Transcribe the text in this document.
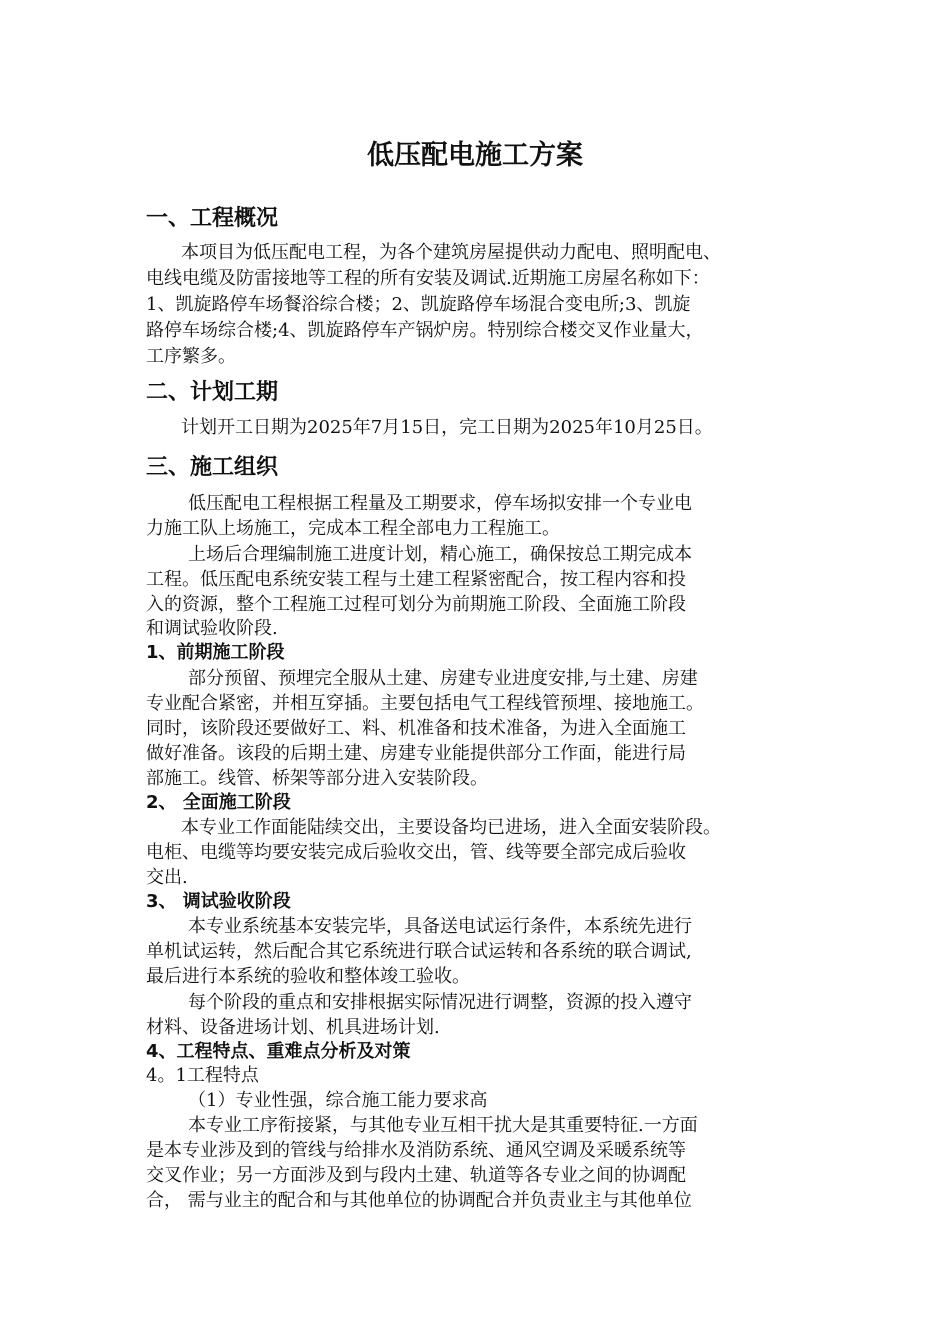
低压配电施工方案
一、工程概况
本项目为低压配电工程，为各个建筑房屋提供动力配电、照明配电、
电线电缆及防雷接地等工程的所有安装及调试.近期施工房屋名称如下：
1、凯旋路停车场餐浴综合楼；2、凯旋路停车场混合变电所;3、凯旋
路停车场综合楼;4、凯旋路停车产锅炉房。特别综合楼交叉作业量大，
工序繁多。
二、计划工期
计划开工日期为2025年7月15日，完工日期为2025年10月25日。
三、施工组织
低压配电工程根据工程量及工期要求，停车场拟安排一个专业电
力施工队上场施工，完成本工程全部电力工程施工。
上场后合理编制施工进度计划，精心施工，确保按总工期完成本
工程。低压配电系统安装工程与土建工程紧密配合，按工程内容和投
入的资源，整个工程施工过程可划分为前期施工阶段、全面施工阶段
和调试验收阶段.
1、前期施工阶段
部分预留、预埋完全服从土建、房建专业进度安排,与土建、房建
专业配合紧密，并相互穿插。主要包括电气工程线管预埋、接地施工。
同时，该阶段还要做好工、料、机准备和技术准备，为进入全面施工
做好准备。该段的后期土建、房建专业能提供部分工作面，能进行局
部施工。线管、桥架等部分进入安装阶段。
2、 全面施工阶段
本专业工作面能陆续交出，主要设备均已进场，进入全面安装阶段。
电柜、电缆等均要安装完成后验收交出，管、线等要全部完成后验收
交出.
3、 调试验收阶段
本专业系统基本安装完毕，具备送电试运行条件，本系统先进行
单机试运转，然后配合其它系统进行联合试运转和各系统的联合调试,
最后进行本系统的验收和整体竣工验收。
每个阶段的重点和安排根据实际情况进行调整，资源的投入遵守
材料、设备进场计划、机具进场计划.
4、工程特点、重难点分析及对策
4。1工程特点
（1）专业性强，综合施工能力要求高
本专业工序衔接紧，与其他专业互相干扰大是其重要特征.一方面
是本专业涉及到的管线与给排水及消防系统、通风空调及采暖系统等
交叉作业；另一方面涉及到与段内土建、轨道等各专业之间的协调配
合， 需与业主的配合和与其他单位的协调配合并负责业主与其他单位
